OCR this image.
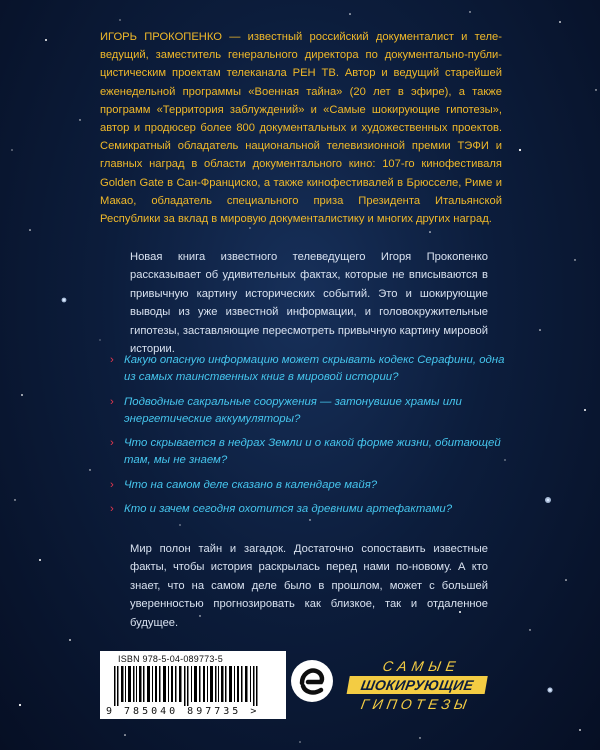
ИГОРЬ ПРОКОПЕНКО — известный российский документалист и телеведущий, заместитель генерального директора по документально-публицистическим проектам телеканала РЕН ТВ. Автор и ведущий старейшей еженедельной программы «Военная тайна» (20 лет в эфире), а также программ «Территория заблуждений» и «Самые шокирующие гипотезы», автор и продюсер более 800 документальных и художественных проектов. Семикратный обладатель национальной телевизионной премии ТЭФИ и главных наград в области документального кино: 107-го кинофестиваля Golden Gate в Сан-Франциско, а также кинофестивалей в Брюсселе, Риме и Макао, обладатель специального приза Президента Итальянской Республики за вклад в мировую документалистику и многих других наград.
Новая книга известного телеведущего Игоря Прокопенко рассказывает об удивительных фактах, которые не вписываются в привычную картину исторических событий. Это и шокирующие выводы из уже известной информации, и головокружительные гипотезы, заставляющие пересмотреть привычную картину мировой истории.
› Какую опасную информацию может скрывать кодекс Серафини, одна из самых таинственных книг в мировой истории?
› Подводные сакральные сооружения — затонувшие храмы или энергетические аккумуляторы?
› Что скрывается в недрах Земли и о какой форме жизни, обитающей там, мы не знаем?
› Что на самом деле сказано в календаре майя?
› Кто и зачем сегодня охотится за древними артефактами?
Мир полон тайн и загадок. Достаточно сопоставить известные факты, чтобы история раскрылась перед нами по-новому. А кто знает, что на самом деле было в прошлом, может с большей уверенностью прогнозировать как близкое, так и отдаленное будущее.
ISBN 978-5-04-089773-5
9 785040 897735 >
САМЫЕ
ШОКИРУЮЩИЕ
ГИПОТЕЗЫ
